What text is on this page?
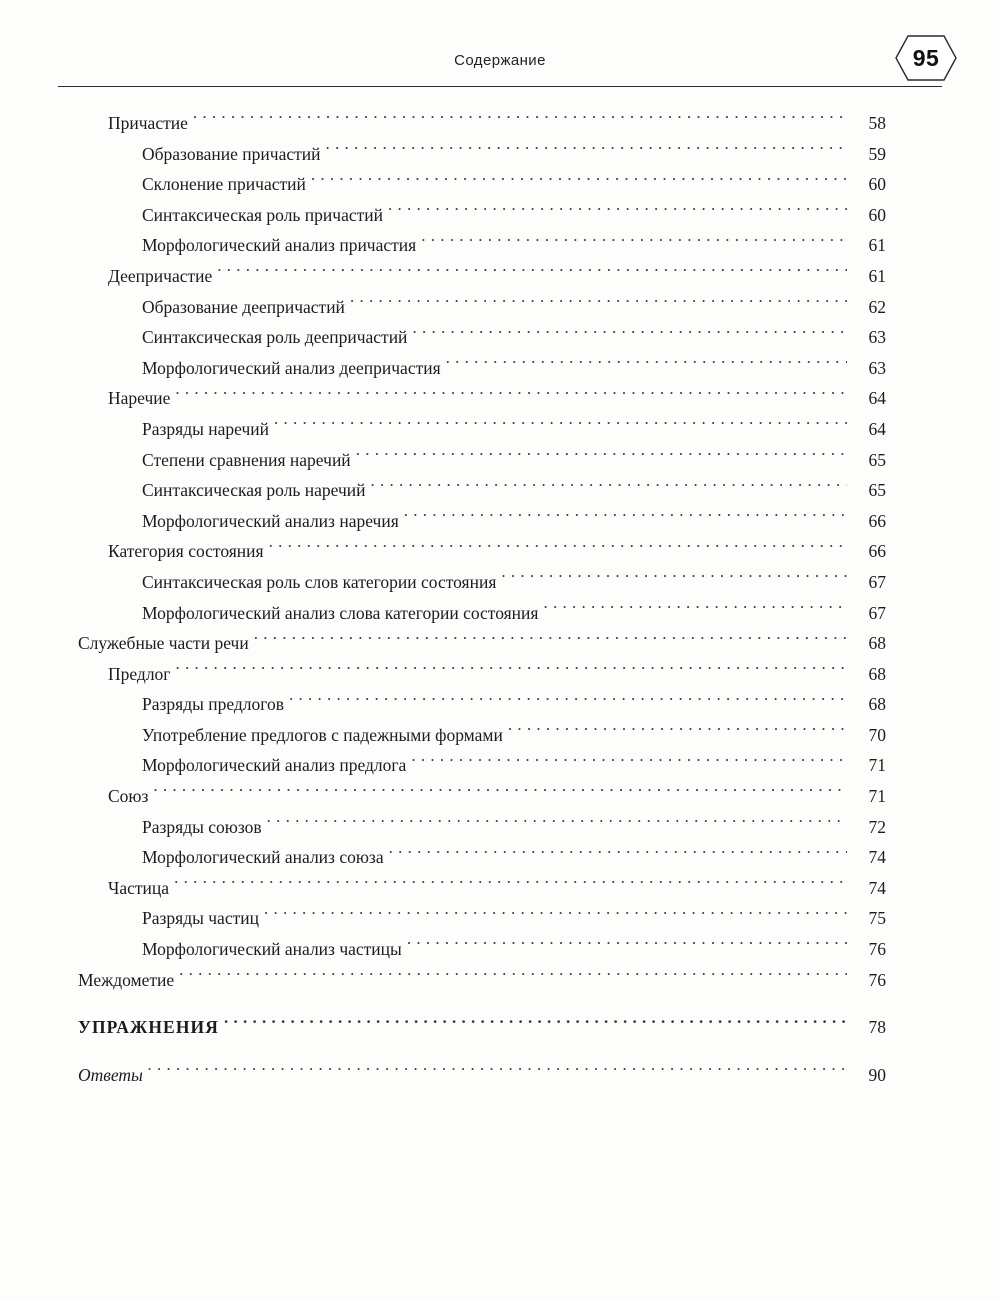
Содержание	95
Причастие . . .	58
Образование причастий . . .	59
Склонение причастий . . .	60
Синтаксическая роль причастий . . .	60
Морфологический анализ причастия . . .	61
Деепричастие . . .	61
Образование деепричастий . . .	62
Синтаксическая роль деепричастий . . .	63
Морфологический анализ деепричастия . . .	63
Наречие . . .	64
Разряды наречий . . .	64
Степени сравнения наречий . . .	65
Синтаксическая роль наречий . . .	65
Морфологический анализ наречия . . .	66
Категория состояния . . .	66
Синтаксическая роль слов категории состояния . . .	67
Морфологический анализ слова категории состояния . . .	67
Служебные части речи . . .	68
Предлог . . .	68
Разряды предлогов . . .	68
Употребление предлогов с падежными формами . . .	70
Морфологический анализ предлога . . .	71
Союз . . .	71
Разряды союзов . . .	72
Морфологический анализ союза . . .	74
Частица . . .	74
Разряды частиц . . .	75
Морфологический анализ частицы . . .	76
Междометие . . .	76
УПРАЖНЕНИЯ . . .	78
Ответы . . .	90
